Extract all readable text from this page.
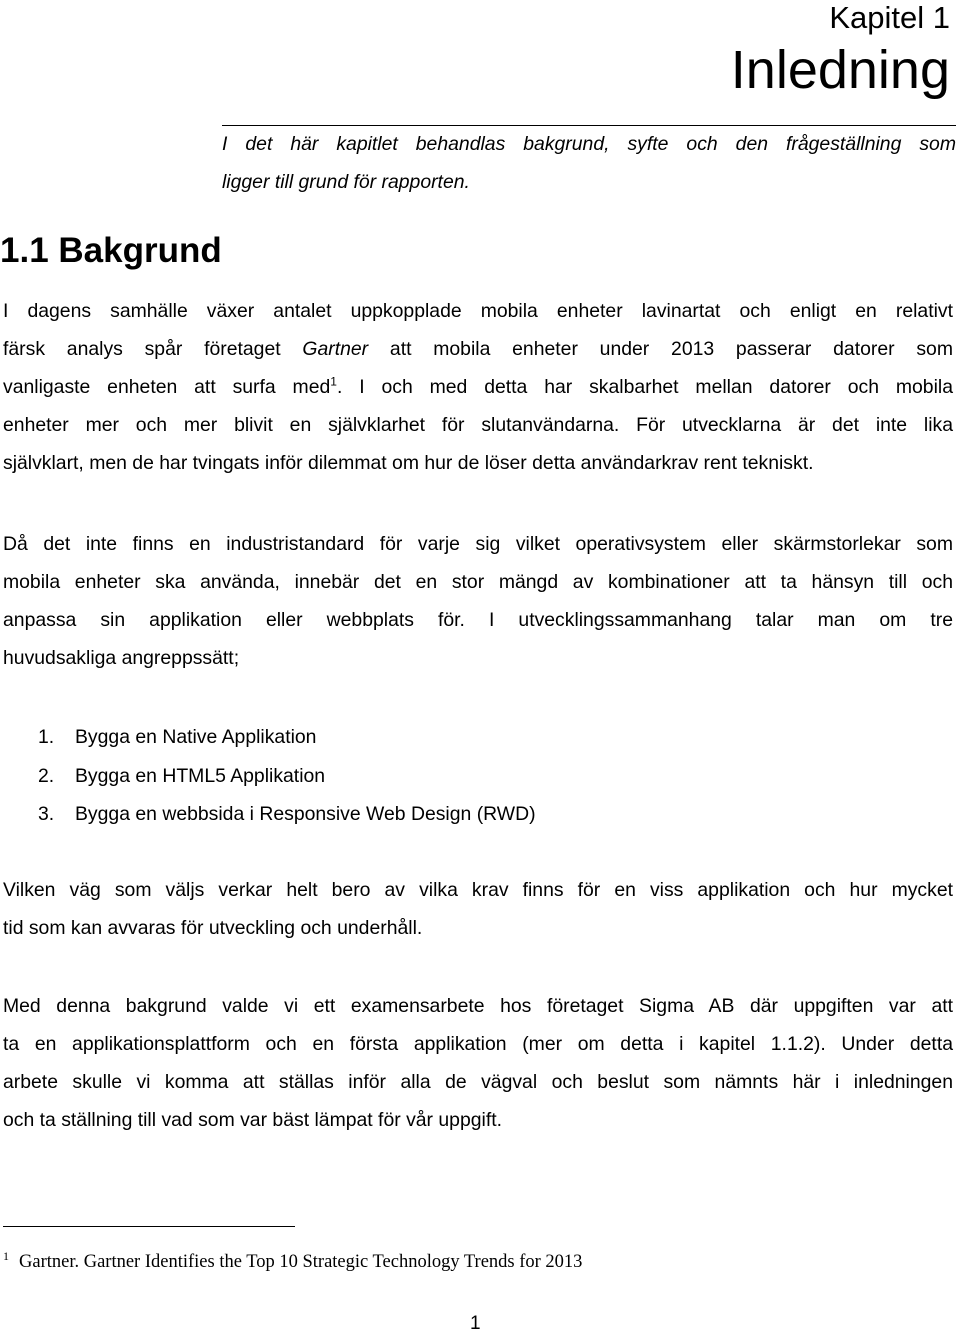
Kapitel 1
Inledning

I det här kapitlet behandlas bakgrund, syfte och den frågeställning som

ligger till grund för rapporten.

1.1 Bakgrund
I dagens samhälle växer antalet uppkopplade mobila enheter lavinartat och enligt en relativt
färsk analys spår företaget Gartner att mobila enheter under 2013 passerar datorer som
vanligaste enheten att surfa med$^1$. I och med detta har skalbarhet mellan datorer och mobila
enheter mer och mer blivit en självklarhet för slutanvändarna. För utvecklarna är det inte lika
självklart, men de har tvingats inför dilemmat om hur de löser detta användarkrav rent tekniskt.
Då det inte finns en industristandard för varje sig vilket operativsystem eller skärmstorlekar som
mobila enheter ska använda, innebär det en stor mängd av kombinationer att ta hänsyn till och
anpassa sin applikation eller webbplats för. I utvecklingssammanhang talar man om tre
huvudsakliga angreppssätt;
1. Bygga en Native Applikation
2. Bygga en HTML5 Applikation
3. Bygga en webbsida i Responsive Web Design (RWD)
Vilken väg som väljs verkar helt bero av vilka krav finns för en viss applikation och hur mycket
tid som kan avvaras för utveckling och underhåll.
Med denna bakgrund valde vi ett examensarbete hos företaget Sigma AB där uppgiften var att
ta en applikationsplattform och en första applikation (mer om detta i kapitel 1.1.2). Under detta
arbete skulle vi komma att ställas inför alla de vägval och beslut som nämnts här i inledningen
och ta ställning till vad som var bäst lämpat för vår uppgift.
$^1$ Gartner. Gartner Identifies the Top 10 Strategic Technology Trends for 2013
1
